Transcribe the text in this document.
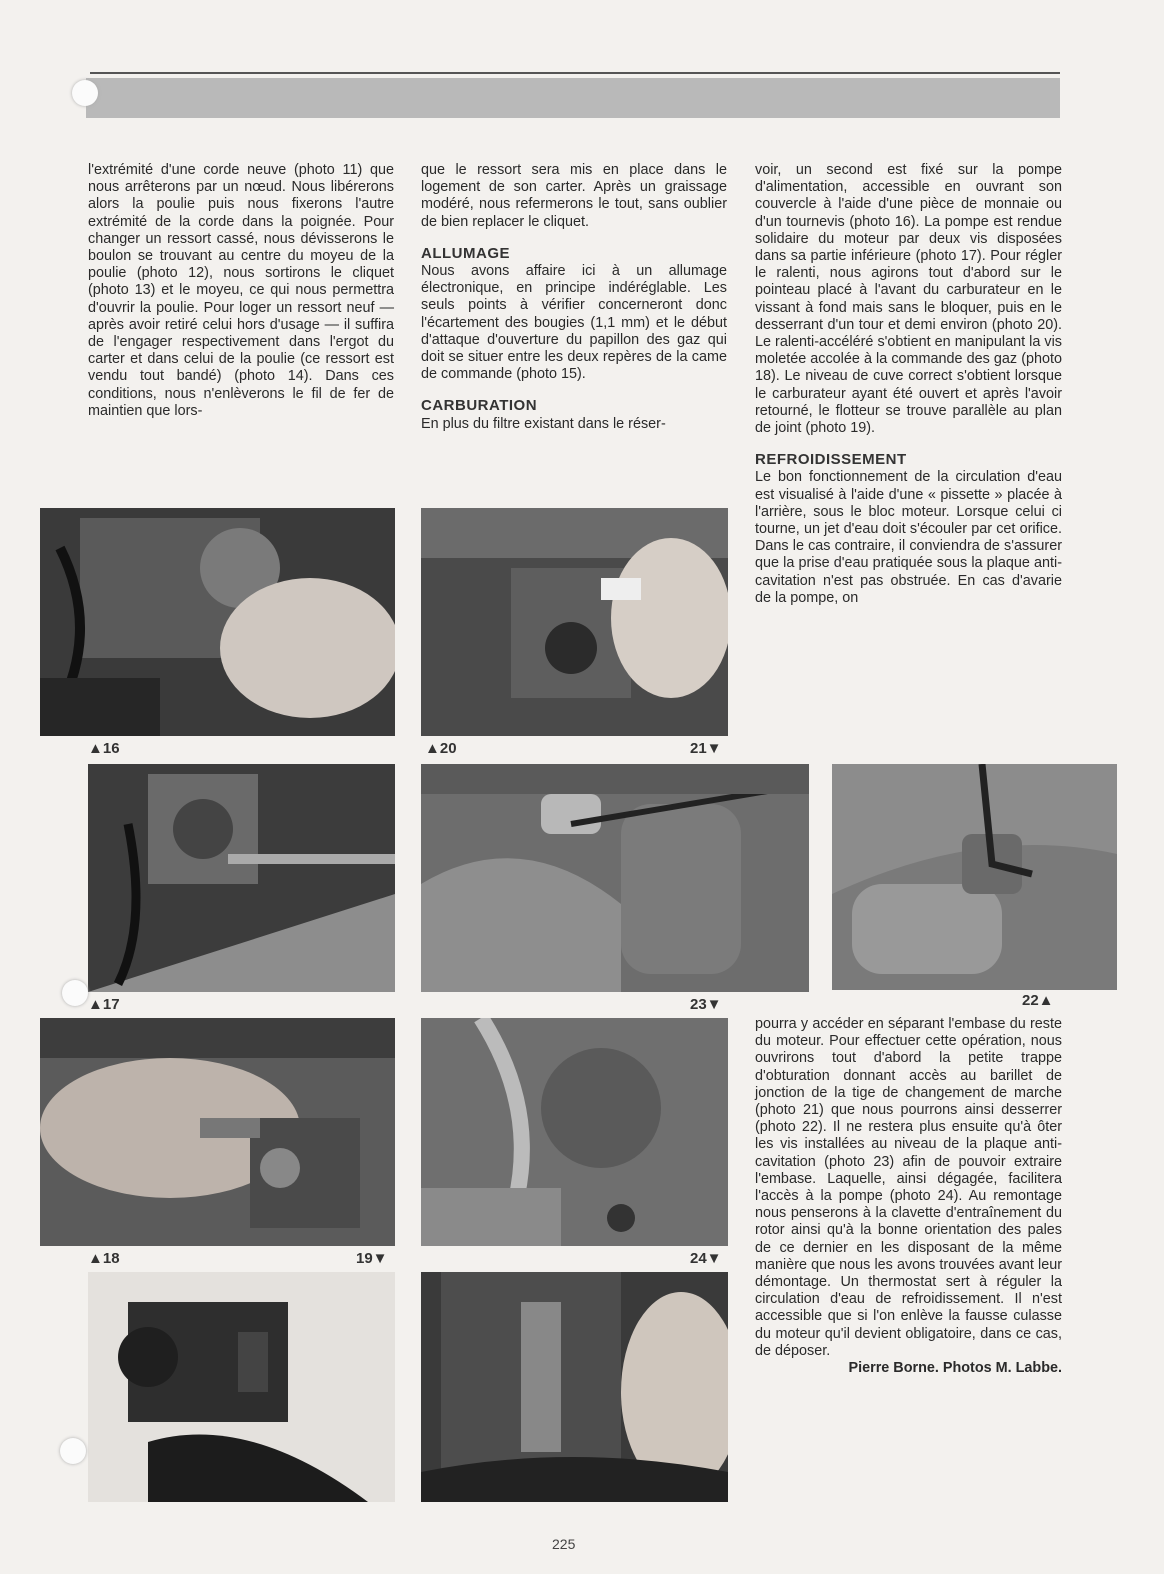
l'extrémité d'une corde neuve (photo 11) que nous arrêterons par un nœud. Nous libérerons alors la poulie puis nous fixerons l'autre extrémité de la corde dans la poignée. Pour changer un ressort cassé, nous dévisserons le boulon se trouvant au centre du moyeu de la poulie (photo 12), nous sortirons le cliquet (photo 13) et le moyeu, ce qui nous permettra d'ouvrir la poulie. Pour loger un ressort neuf — après avoir retiré celui hors d'usage — il suffira de l'engager respectivement dans l'ergot du carter et dans celui de la poulie (ce ressort est vendu tout bandé) (photo 14). Dans ces conditions, nous n'enlèverons le fil de fer de maintien que lors-

que le ressort sera mis en place dans le logement de son carter. Après un graissage modéré, nous refermerons le tout, sans oublier de bien replacer le cliquet.

ALLUMAGE

Nous avons affaire ici à un allumage électronique, en principe indéréglable. Les seuls points à vérifier concerneront donc l'écartement des bougies (1,1 mm) et le début d'attaque d'ouverture du papillon des gaz qui doit se situer entre les deux repères de la came de commande (photo 15).

CARBURATION

En plus du filtre existant dans le réser-

voir, un second est fixé sur la pompe d'alimentation, accessible en ouvrant son couvercle à l'aide d'une pièce de monnaie ou d'un tournevis (photo 16). La pompe est rendue solidaire du moteur par deux vis disposées dans sa partie inférieure (photo 17). Pour régler le ralenti, nous agirons tout d'abord sur le pointeau placé à l'avant du carburateur en le vissant à fond mais sans le bloquer, puis en le desserrant d'un tour et demi environ (photo 20). Le ralenti-accéléré s'obtient en manipulant la vis moletée accolée à la commande des gaz (photo 18). Le niveau de cuve correct s'obtient lorsque le carburateur ayant été ouvert et après l'avoir retourné, le flotteur se trouve parallèle au plan de joint (photo 19).

REFROIDISSEMENT

Le bon fonctionnement de la circulation d'eau est visualisé à l'aide d'une « pissette » placée à l'arrière, sous le bloc moteur. Lorsque celui ci tourne, un jet d'eau doit s'écouler par cet orifice. Dans le cas contraire, il conviendra de s'assurer que la prise d'eau pratiquée sous la plaque anti-cavitation n'est pas obstruée. En cas d'avarie de la pompe, on

pourra y accéder en séparant l'embase du reste du moteur. Pour effectuer cette opération, nous ouvrirons tout d'abord la petite trappe d'obturation donnant accès au barillet de jonction de la tige de changement de marche (photo 21) que nous pourrons ainsi desserrer (photo 22). Il ne restera plus ensuite qu'à ôter les vis installées au niveau de la plaque anti-cavitation (photo 23) afin de pouvoir extraire l'embase. Laquelle, ainsi dégagée, facilitera l'accès à la pompe (photo 24). Au remontage nous penserons à la clavette d'entraînement du rotor ainsi qu'à la bonne orientation des pales de ce dernier en les disposant de la même manière que nous les avons trouvées avant leur démontage. Un thermostat sert à réguler la circulation d'eau de refroidissement. Il n'est accessible que si l'on enlève la fausse culasse du moteur qu'il devient obligatoire, dans ce cas, de déposer.

Pierre Borne. Photos M. Labbe.

▲16	▲20	21▼
▲17	23▼	22▲
▲18	19▼	24▼
225
